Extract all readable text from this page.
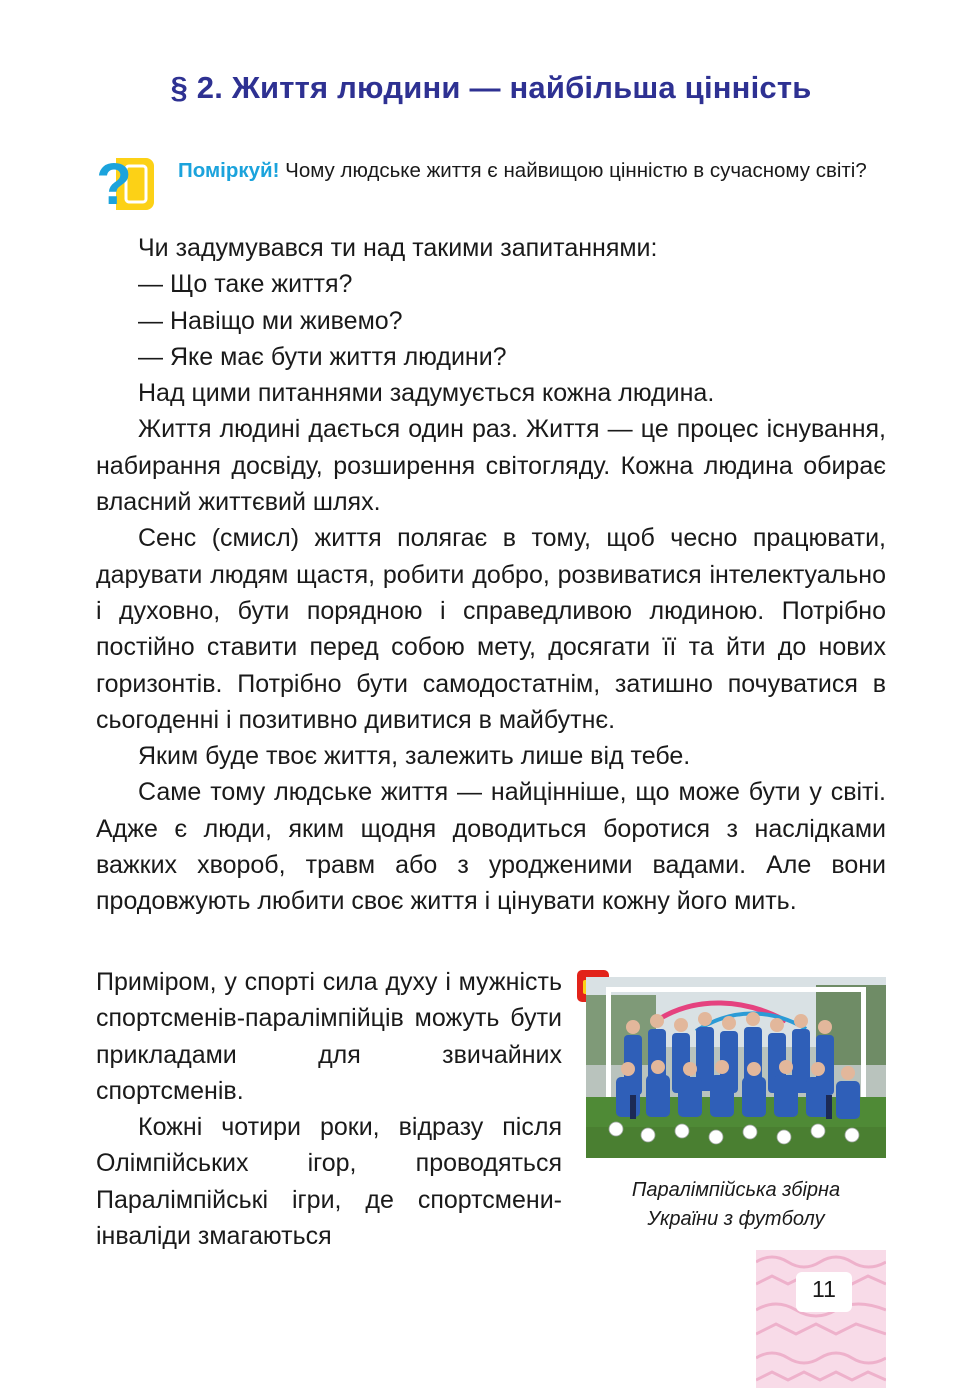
§ 2. Життя людини — найбільша цінність
? Поміркуй! Чому людське життя є найвищою цінністю в сучасному світі?

Чи задумувався ти над такими запитаннями:

— Що таке життя?

— Навіщо ми живемо?

— Яке має бути життя людини?

Над цими питаннями задумується кожна людина.

Життя людині дається один раз. Життя — це процес існування, набирання досвіду, розширення світогляду. Кожна людина обирає власний життєвий шлях.

Сенс (смисл) життя полягає в тому, щоб чесно працювати, дарувати людям щастя, робити добро, розвиватися інтелектуально і духовно, бути порядною і справедливою людиною. Потрібно постійно ставити перед собою мету, досягати її та йти до нових горизонтів. Потрібно бути самодостатнім, затишно почуватися в сьогоденні і позитивно дивитися в майбутнє.

Яким буде твоє життя, залежить лише від тебе.

Саме тому людське життя — найцінніше, що може бути у світі. Адже є люди, яким щодня доводиться боротися з наслідками важких хвороб, травм або з уродженими вадами. Але вони продовжують любити своє життя і цінувати кожну його мить.

Приміром, у спорті сила духу і мужність спортсменів-паралімпійців можуть бути прикладами для звичайних спортсменів.

Кожні чотири роки, відразу після Олімпійських ігор, проводяться Паралімпійські ігри, де спортсмени-інваліди змагаються

Паралімпійська збірна
України з футболу
11
